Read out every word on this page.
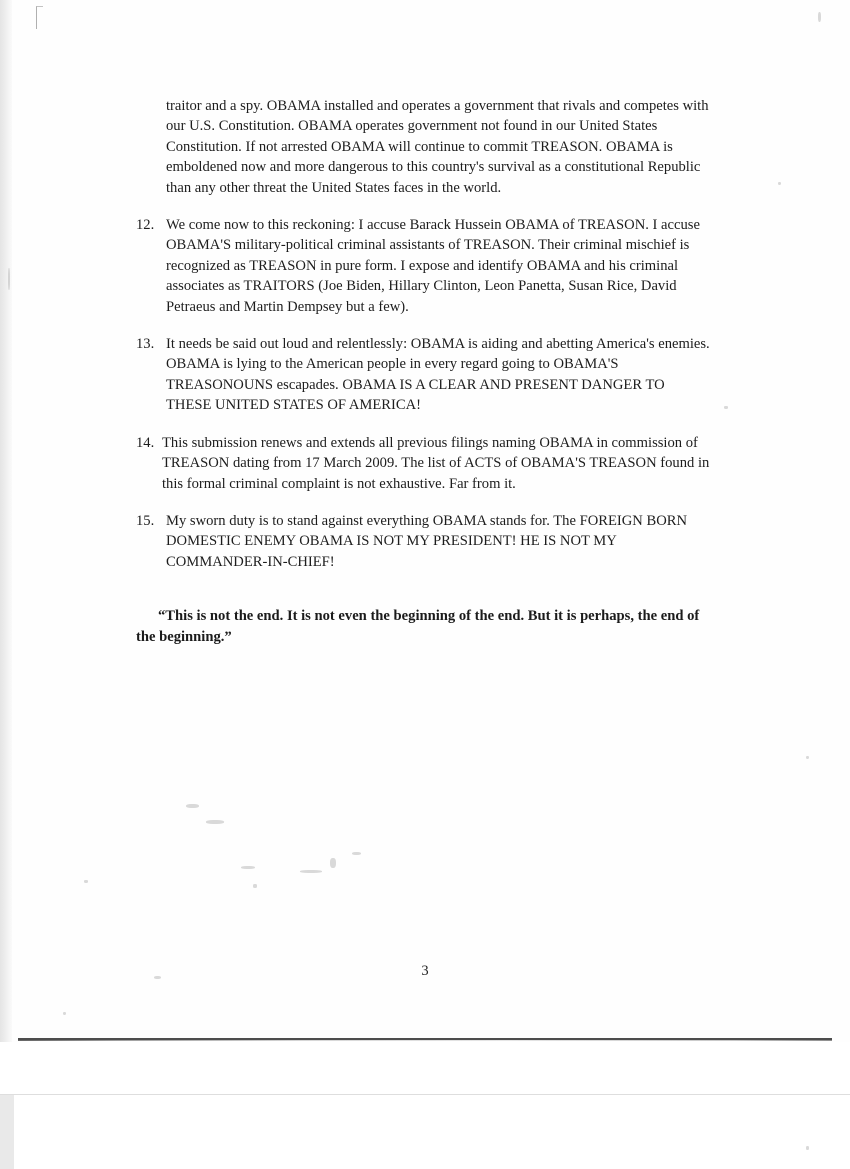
traitor and a spy. OBAMA installed and operates a government that rivals and competes with our U.S. Constitution. OBAMA operates government not found in our United States Constitution. If not arrested OBAMA will continue to commit TREASON. OBAMA is emboldened now and more dangerous to this country's survival as a constitutional Republic than any other threat the United States faces in the world.
12. We come now to this reckoning: I accuse Barack Hussein OBAMA of TREASON. I accuse OBAMA'S military-political criminal assistants of TREASON. Their criminal mischief is recognized as TREASON in pure form. I expose and identify OBAMA and his criminal associates as TRAITORS (Joe Biden, Hillary Clinton, Leon Panetta, Susan Rice, David Petraeus and Martin Dempsey but a few).
13. It needs be said out loud and relentlessly: OBAMA is aiding and abetting America's enemies. OBAMA is lying to the American people in every regard going to OBAMA'S TREASONOUNS escapades. OBAMA IS A CLEAR AND PRESENT DANGER TO THESE UNITED STATES OF AMERICA!
14. This submission renews and extends all previous filings naming OBAMA in commission of TREASON dating from 17 March 2009. The list of ACTS of OBAMA'S TREASON found in this formal criminal complaint is not exhaustive. Far from it.
15. My sworn duty is to stand against everything OBAMA stands for. The FOREIGN BORN DOMESTIC ENEMY OBAMA IS NOT MY PRESIDENT! HE IS NOT MY COMMANDER-IN-CHIEF!
“This is not the end. It is not even the beginning of the end. But it is perhaps, the end of the beginning.”
3
